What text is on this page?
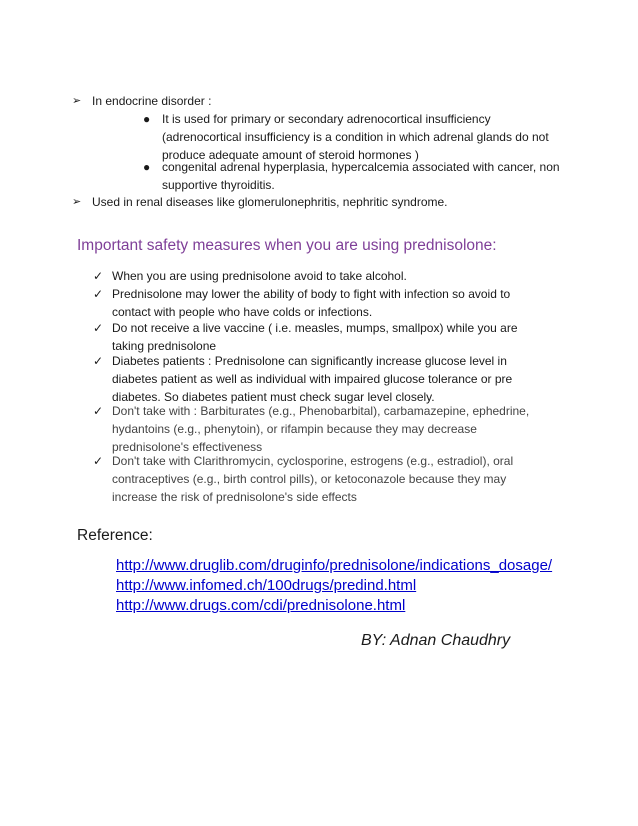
➢ In endocrine disorder :
● It is used for primary or secondary adrenocortical insufficiency (adrenocortical insufficiency is a condition in which adrenal glands do not produce adequate amount of steroid hormones )
● congenital adrenal hyperplasia, hypercalcemia associated with cancer, non supportive thyroiditis.
➢ Used in renal diseases like glomerulonephritis, nephritic syndrome.
Important safety measures when you are using prednisolone:
✓ When you are using prednisolone avoid to take alcohol.
✓ Prednisolone may lower the ability of body to fight with infection so avoid to contact with people who have colds or infections.
✓ Do not receive a live vaccine ( i.e. measles, mumps, smallpox) while you are taking prednisolone
✓ Diabetes patients : Prednisolone can significantly increase glucose level in diabetes patient as well as individual with impaired glucose tolerance or pre diabetes. So diabetes patient must check sugar level closely.
✓ Don't take with : Barbiturates (e.g., Phenobarbital), carbamazepine, ephedrine, hydantoins (e.g., phenytoin), or rifampin because they may decrease prednisolone's effectiveness
✓ Don't take with Clarithromycin, cyclosporine, estrogens (e.g., estradiol), oral contraceptives (e.g., birth control pills), or ketoconazole because they may increase the risk of prednisolone's side effects
Reference:
http://www.druglib.com/druginfo/prednisolone/indications_dosage/
http://www.infomed.ch/100drugs/predind.html
http://www.drugs.com/cdi/prednisolone.html
BY: Adnan Chaudhry
